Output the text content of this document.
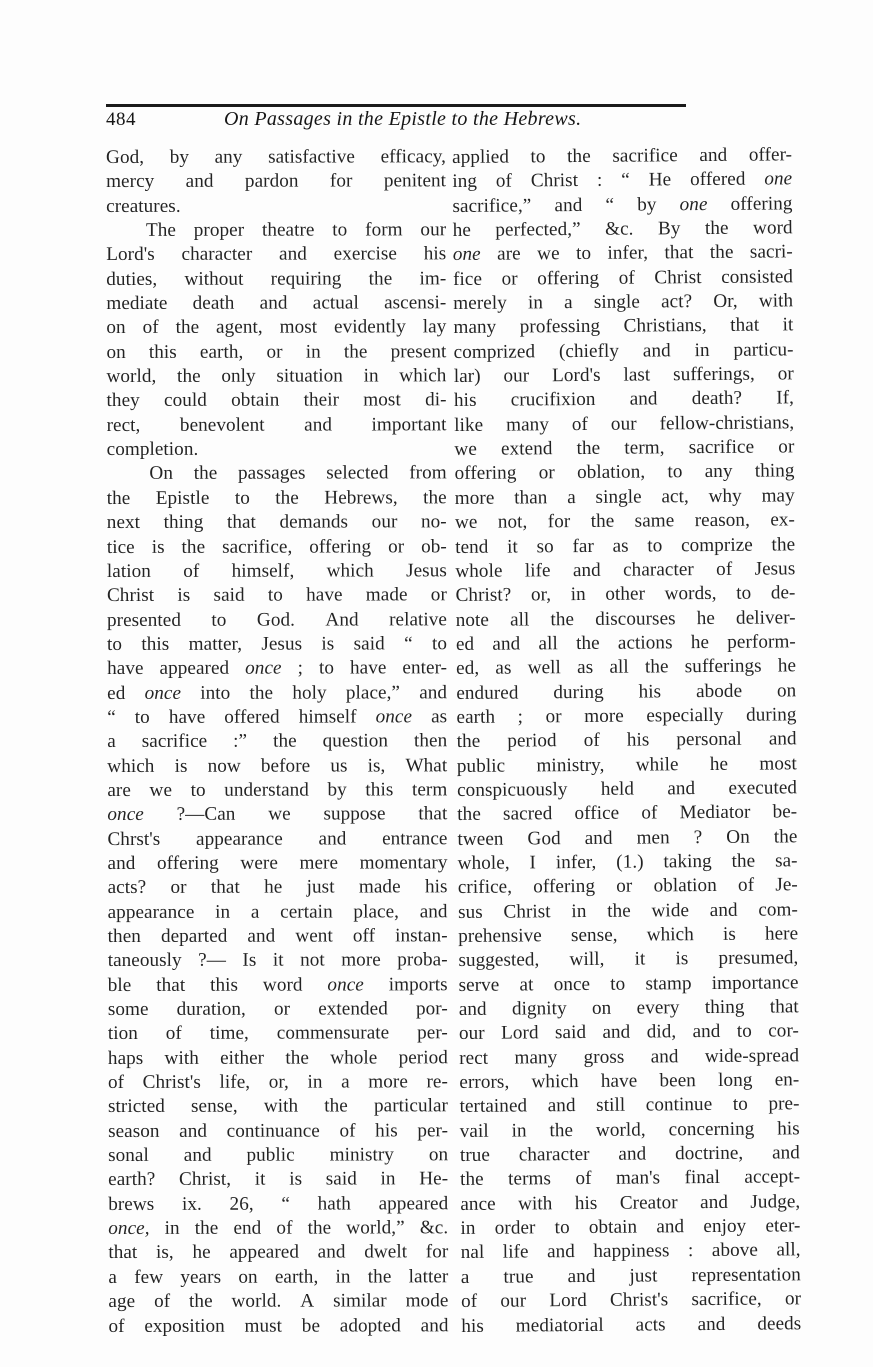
484	On Passages in the Epistle to the Hebrews.
God, by any satisfactive efficacy,
mercy and pardon for penitent
creatures.
The proper theatre to form our
Lord's character and exercise his
duties, without requiring the im-
mediate death and actual ascensi-
on of the agent, most evidently lay
on this earth, or in the present
world, the only situation in which
they could obtain their most di-
rect, benevolent and important
completion.
On the passages selected from
the Epistle to the Hebrews, the
next thing that demands our no-
tice is the sacrifice, offering or ob-
lation of himself, which Jesus
Christ is said to have made or
presented to God. And relative
to this matter, Jesus is said “ to
have appeared once ; to have enter-
ed once into the holy place,” and
“ to have offered himself once as
a sacrifice :” the question then
which is now before us is, What
are we to understand by this term
once ?—Can we suppose that
Chrst's appearance and entrance
and offering were mere momentary
acts? or that he just made his
appearance in a certain place, and
then departed and went off instan-
taneously ?— Is it not more proba-
ble that this word once imports
some duration, or extended por-
tion of time, commensurate per-
haps with either the whole period
of Christ's life, or, in a more re-
stricted sense, with the particular
season and continuance of his per-
sonal and public ministry on
earth? Christ, it is said in He-
brews ix. 26, “ hath appeared
once, in the end of the world,” &c.
that is, he appeared and dwelt for
a few years on earth, in the latter
age of the world. A similar mode
of exposition must be adopted and
applied to the sacrifice and offer-
ing of Christ : “ He offered one
sacrifice,” and “ by one offering
he perfected,” &c. By the word
one are we to infer, that the sacri-
fice or offering of Christ consisted
merely in a single act? Or, with
many professing Christians, that it
comprized (chiefly and in particu-
lar) our Lord's last sufferings, or
his crucifixion and death? If,
like many of our fellow-christians,
we extend the term, sacrifice or
offering or oblation, to any thing
more than a single act, why may
we not, for the same reason, ex-
tend it so far as to comprize the
whole life and character of Jesus
Christ? or, in other words, to de-
note all the discourses he deliver-
ed and all the actions he perform-
ed, as well as all the sufferings he
endured during his abode on
earth ; or more especially during
the period of his personal and
public ministry, while he most
conspicuously held and executed
the sacred office of Mediator be-
tween God and men ? On the
whole, I infer, (1.) taking the sa-
crifice, offering or oblation of Je-
sus Christ in the wide and com-
prehensive sense, which is here
suggested, will, it is presumed,
serve at once to stamp importance
and dignity on every thing that
our Lord said and did, and to cor-
rect many gross and wide-spread
errors, which have been long en-
tertained and still continue to pre-
vail in the world, concerning his
true character and doctrine, and
the terms of man's final accept-
ance with his Creator and Judge,
in order to obtain and enjoy eter-
nal life and happiness : above all,
a true and just representation
of our Lord Christ's sacrifice, or
his mediatorial acts and deeds
